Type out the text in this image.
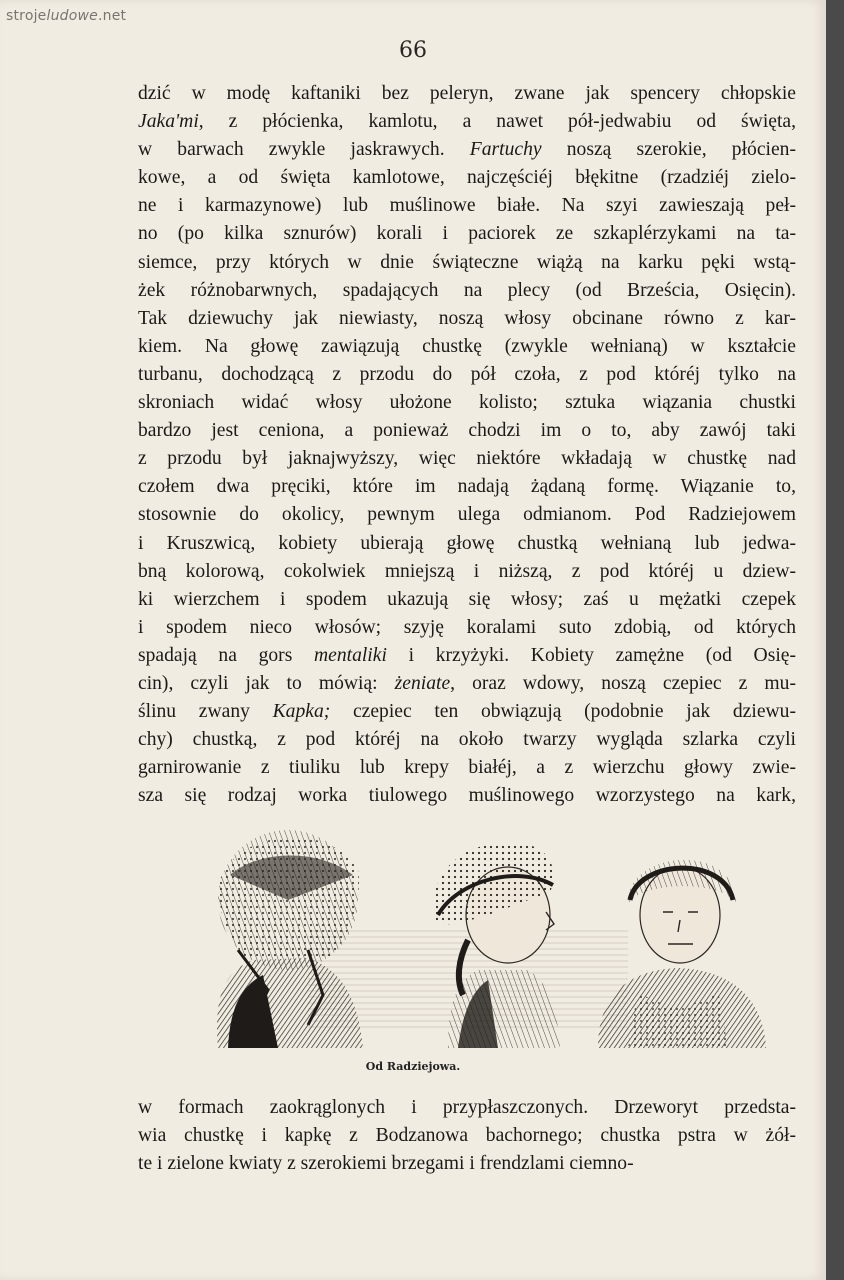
strojeludowe.net
66
dzić w modę kaftaniki bez peleryn, zwane jak spencery chłopskie
Jaka'mi, z płócienka, kamlotu, a nawet pół-jedwabiu od święta,
w barwach zwykle jaskrawych. Fartuchy noszą szerokie, płócien-
kowe, a od święta kamlotowe, najczęściéj błękitne (rzadziéj zielo-
ne i karmazynowe) lub muślinowe białe. Na szyi zawieszają peł-
no (po kilka sznurów) korali i paciorek ze szkaplérzykami na ta-
siemce, przy których w dnie świąteczne wiążą na karku pęki wstą-
żek różnobarwnych, spadających na plecy (od Brześcia, Osięcin).
Tak dziewuchy jak niewiasty, noszą włosy obcinane równo z kar-
kiem. Na głowę zawiązują chustkę (zwykle wełnianą) w kształcie
turbanu, dochodzącą z przodu do pół czoła, z pod któréj tylko na
skroniach widać włosy ułożone kolisto; sztuka wiązania chustki
bardzo jest ceniona, a ponieważ chodzi im o to, aby zawój taki
z przodu był jaknajwyższy, więc niektóre wkładają w chustkę nad
czołem dwa pręciki, które im nadają żądaną formę. Wiązanie to,
stosownie do okolicy, pewnym ulega odmianom. Pod Radziejowem
i Kruszwicą, kobiety ubierają głowę chustką wełnianą lub jedwa-
bną kolorową, cokolwiek mniejszą i niższą, z pod któréj u dziew-
ki wierzchem i spodem ukazują się włosy; zaś u mężatki czepek
i spodem nieco włosów; szyję koralami suto zdobią, od których
spadają na gors mentaliki i krzyżyki. Kobiety zamężne (od Osię-
cin), czyli jak to mówią: żeniate, oraz wdowy, noszą czepiec z mu-
ślinu zwany Kapka; czepiec ten obwiązują (podobnie jak dziewu-
chy) chustką, z pod któréj na około twarzy wygląda szlarka czyli
garnirowanie z tiuliku lub krepy białéj, a z wierzchu głowy zwie-
sza się rodzaj worka tiulowego muślinowego wzorzystego na kark,
Od Radziejowa.
w formach zaokrąglonych i przypłaszczonych. Drzeworyt przedsta-
wia chustkę i kapkę z Bodzanowa bachornego; chustka pstra w żół-
te i zielone kwiaty z szerokiemi brzegami i frendzlami ciemno-
